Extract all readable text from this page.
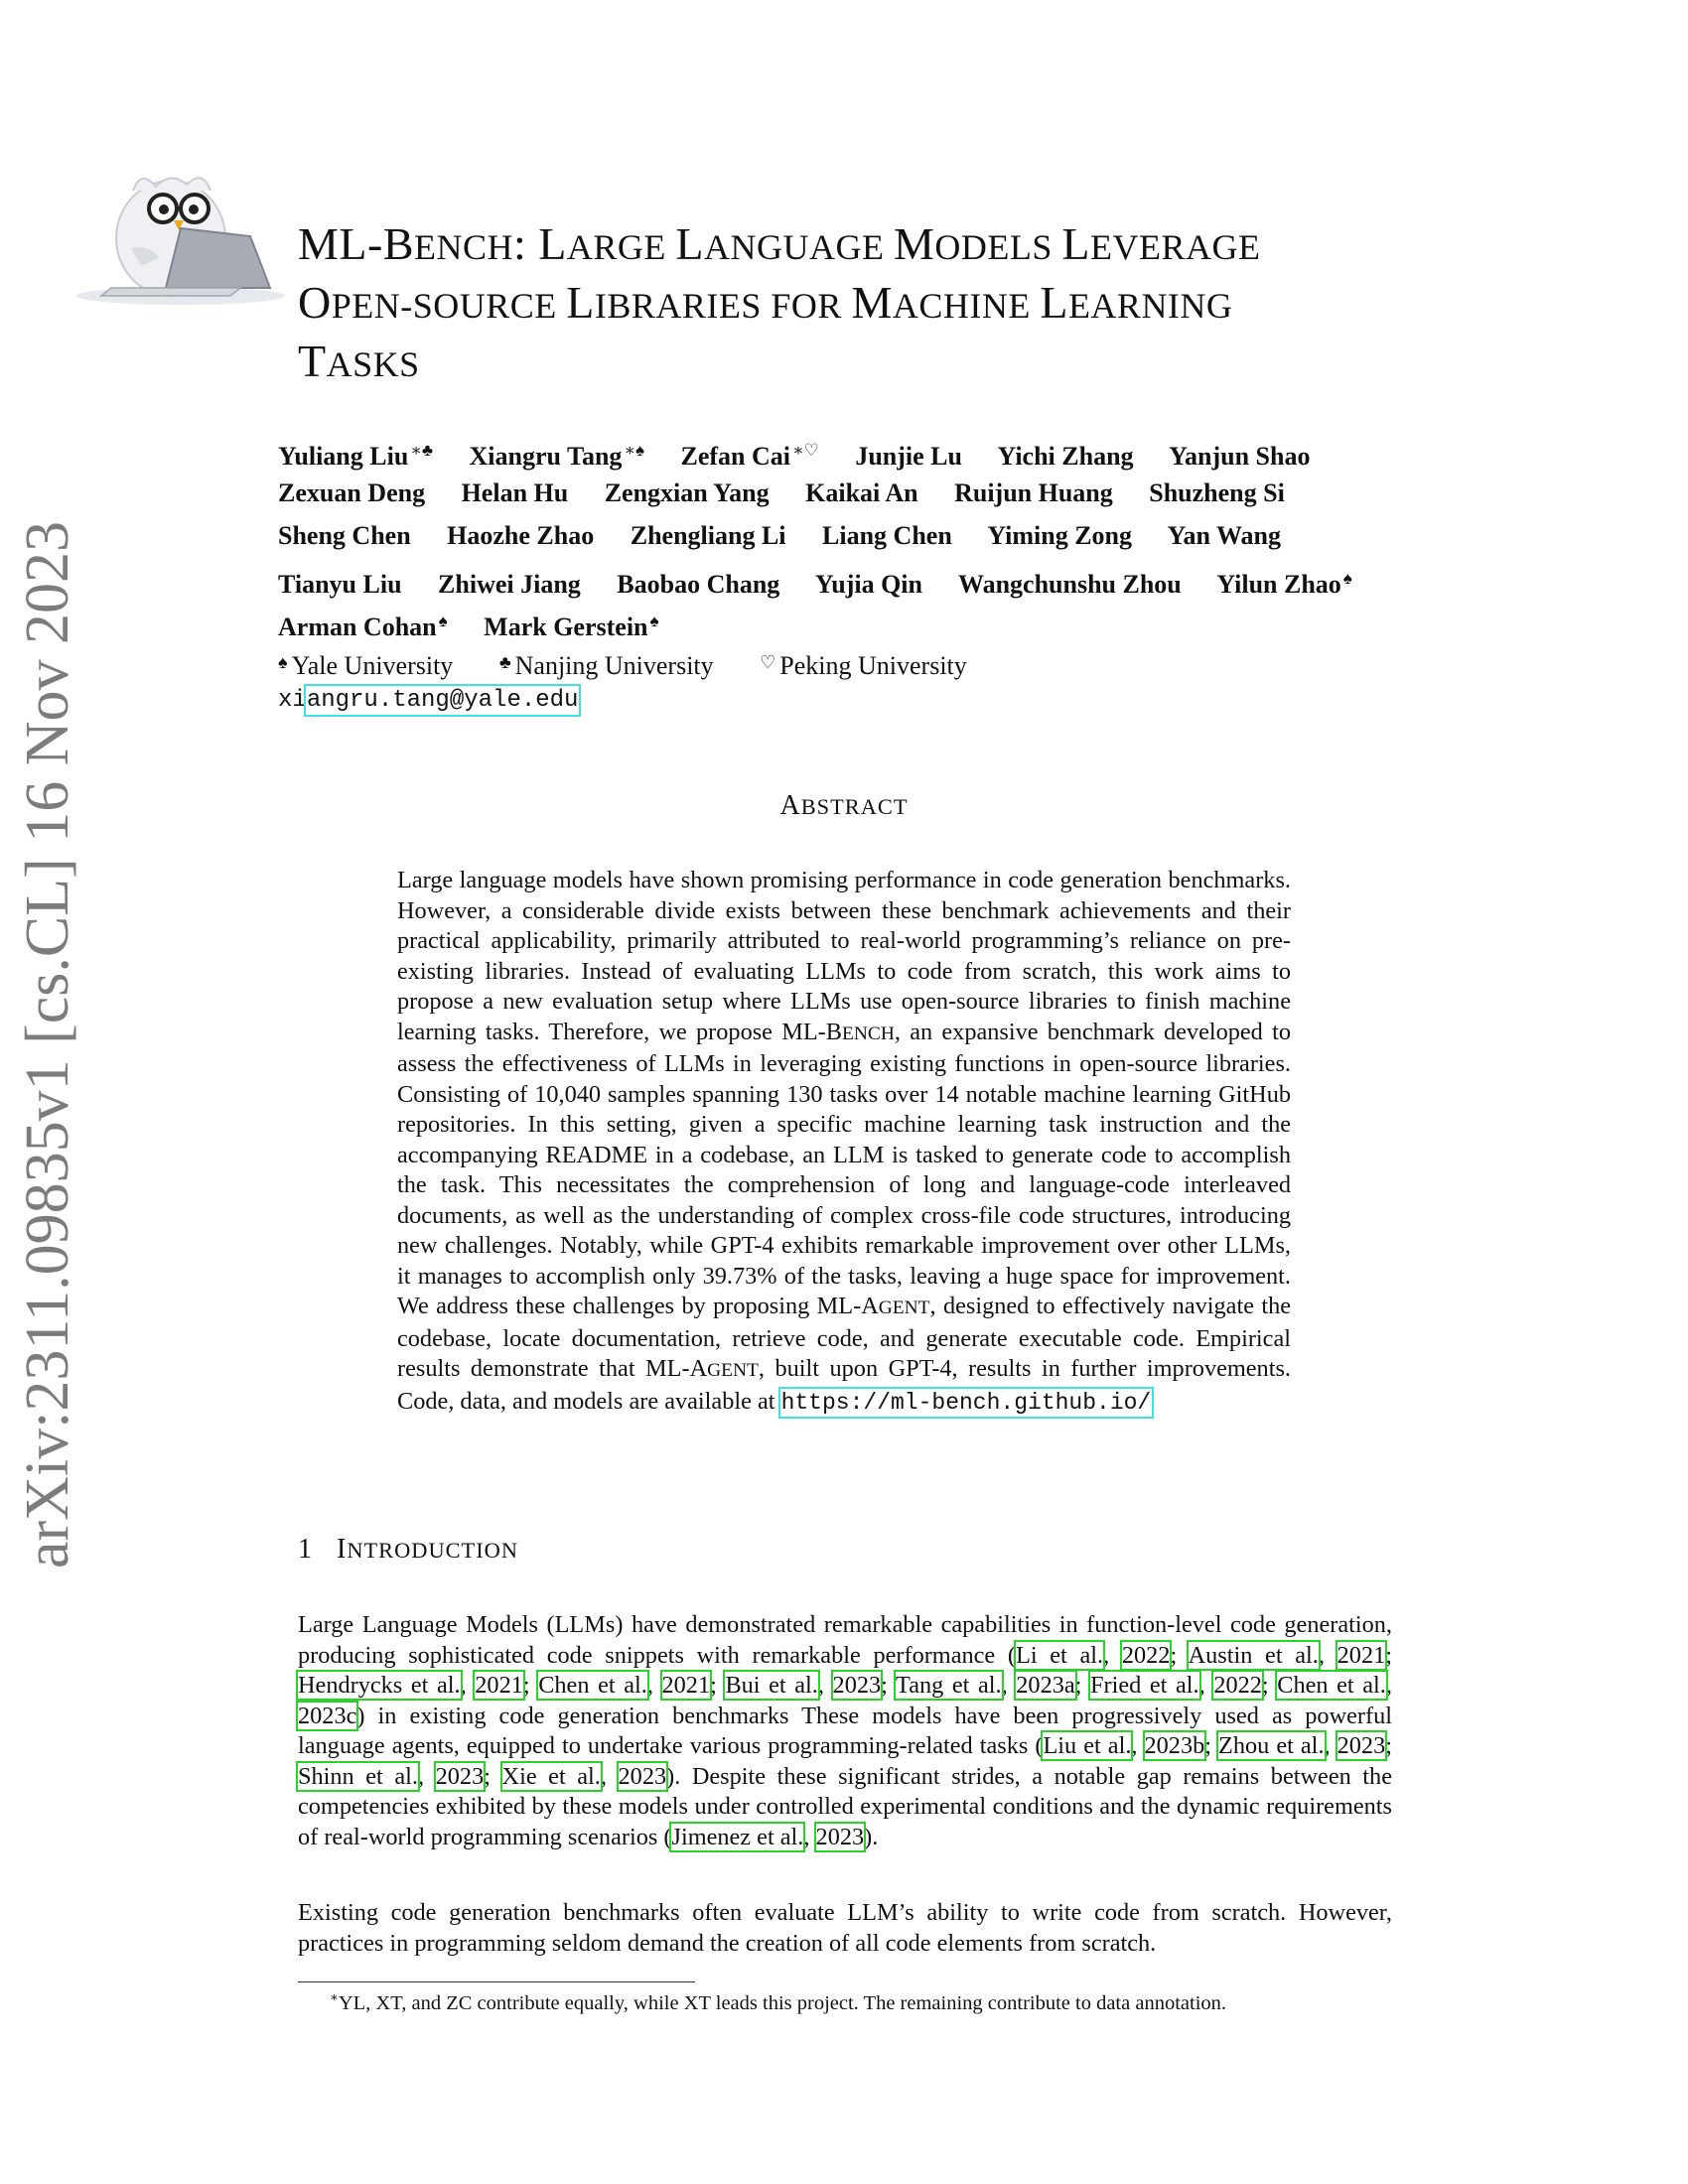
arXiv:2311.09835v1 [cs.CL] 16 Nov 2023
ML-BENCH: LARGE LANGUAGE MODELS LEVERAGE
OPEN-SOURCE LIBRARIES FOR MACHINE LEARNING
TASKS
Yuliang Liu ∗♣ Xiangru Tang ∗♠ Zefan Cai ∗♡ Junjie Lu Yichi Zhang Yanjun Shao
Zexuan Deng Helan Hu Zengxian Yang Kaikai An Ruijun Huang Shuzheng Si
Sheng Chen Haozhe Zhao Zhengliang Li Liang Chen Yiming Zong Yan Wang
Tianyu Liu Zhiwei Jiang Baobao Chang Yujia Qin Wangchunshu Zhou Yilun Zhao ♠
Arman Cohan ♠ Mark Gerstein ♠
♠ Yale University	♣ Nanjing University	♡ Peking University
xiangru.tang@yale.edu
ABSTRACT
Large language models have shown promising performance in code generation benchmarks. However, a considerable divide exists between these benchmark achievements and their practical applicability, primarily attributed to real-world programming’s reliance on pre-existing libraries. Instead of evaluating LLMs to code from scratch, this work aims to propose a new evaluation setup where LLMs use open-source libraries to finish machine learning tasks. Therefore, we propose ML-BENCH, an expansive benchmark developed to assess the effectiveness of LLMs in leveraging existing functions in open-source libraries. Consisting of 10,040 samples spanning 130 tasks over 14 notable machine learning GitHub repositories. In this setting, given a specific machine learning task instruction and the accompanying README in a codebase, an LLM is tasked to generate code to accomplish the task. This necessitates the comprehension of long and language-code interleaved documents, as well as the understanding of complex cross-file code structures, introducing new challenges. Notably, while GPT-4 exhibits remarkable improvement over other LLMs, it manages to accomplish only 39.73% of the tasks, leaving a huge space for improvement. We address these challenges by proposing ML-AGENT, designed to effectively navigate the codebase, locate documentation, retrieve code, and generate executable code. Empirical results demonstrate that ML-AGENT, built upon GPT-4, results in further improvements. Code, data, and models are available at https://ml-bench.github.io/
1 INTRODUCTION
Large Language Models (LLMs) have demonstrated remarkable capabilities in function-level code generation, producing sophisticated code snippets with remarkable performance (Li et al., 2022; Austin et al., 2021; Hendrycks et al., 2021; Chen et al., 2021; Bui et al., 2023; Tang et al., 2023a; Fried et al., 2022; Chen et al., 2023c) in existing code generation benchmarks These models have been progressively used as powerful language agents, equipped to undertake various programming-related tasks (Liu et al., 2023b; Zhou et al., 2023; Shinn et al., 2023; Xie et al., 2023). Despite these significant strides, a notable gap remains between the competencies exhibited by these models under controlled experimental conditions and the dynamic requirements of real-world programming scenarios (Jimenez et al., 2023).
Existing code generation benchmarks often evaluate LLM’s ability to write code from scratch. However, practices in programming seldom demand the creation of all code elements from scratch.
∗YL, XT, and ZC contribute equally, while XT leads this project. The remaining contribute to data annotation.
